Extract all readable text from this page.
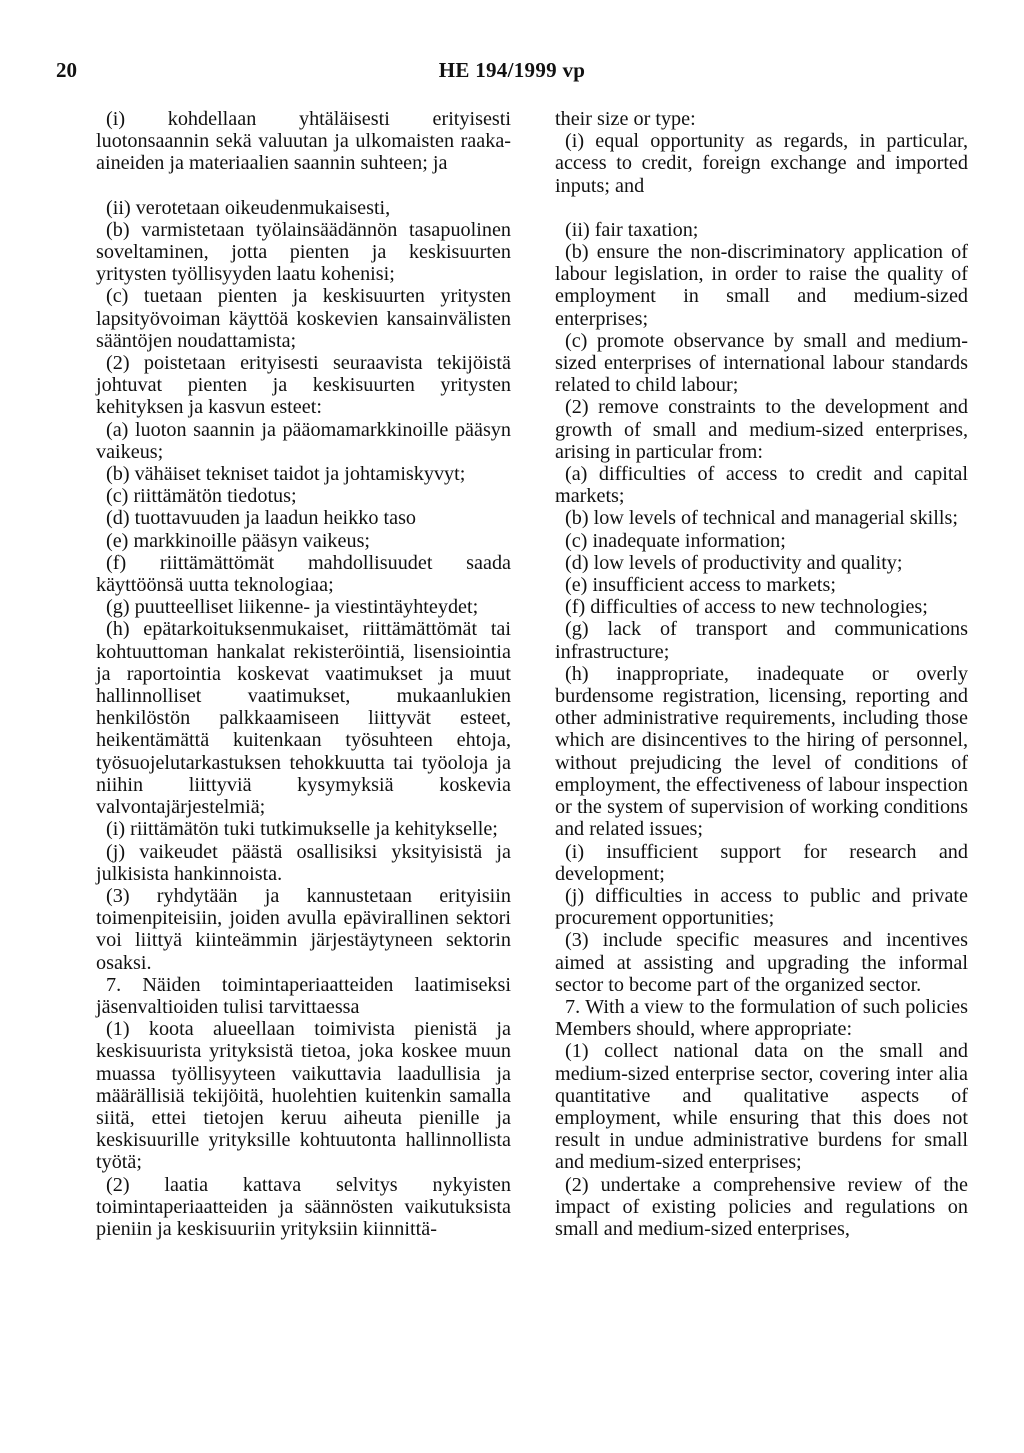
20	HE 194/1999 vp

(i) kohdellaan yhtäläisesti erityisesti luotonsaannin sekä valuutan ja ulkomaisten raaka-aineiden ja materiaalien saannin suhteen; ja

(ii) verotetaan oikeudenmukaisesti,

(b) varmistetaan työlainsäädännön tasapuolinen soveltaminen, jotta pienten ja keskisuurten yritysten työllisyyden laatu kohenisi;

(c) tuetaan pienten ja keskisuurten yritysten lapsityövoiman käyttöä koskevien kansainvälisten sääntöjen noudattamista;

(2) poistetaan erityisesti seuraavista tekijöistä johtuvat pienten ja keskisuurten yritysten kehityksen ja kasvun esteet:

(a) luoton saannin ja pääomamarkkinoille pääsyn vaikeus;

(b) vähäiset tekniset taidot ja johtamiskyvyt;

(c) riittämätön tiedotus;

(d) tuottavuuden ja laadun heikko taso

(e) markkinoille pääsyn vaikeus;

(f) riittämättömät mahdollisuudet saada käyttöönsä uutta teknologiaa;

(g) puutteelliset liikenne- ja viestintäyhteydet;

(h) epätarkoituksenmukaiset, riittämättömät tai kohtuuttoman hankalat rekisteröintiä, lisensiointia ja raportointia koskevat vaatimukset ja muut hallinnolliset vaatimukset, mukaanlukien henkilöstön palkkaamiseen liittyvät esteet, heikentämättä kuitenkaan työsuhteen ehtoja, työsuojelutarkastuksen tehokkuutta tai työoloja ja niihin liittyviä kysymyksiä koskevia valvontajärjestelmiä;

(i) riittämätön tuki tutkimukselle ja kehitykselle;

(j) vaikeudet päästä osallisiksi yksityisistä ja julkisista hankinnoista.

(3) ryhdytään ja kannustetaan erityisiin toimenpiteisiin, joiden avulla epävirallinen sektori voi liittyä kiinteämmin järjestäytyneen sektorin osaksi.

7. Näiden toimintaperiaatteiden laatimiseksi jäsenvaltioiden tulisi tarvittaessa

(1) koota alueellaan toimivista pienistä ja keskisuurista yrityksistä tietoa, joka koskee muun muassa työllisyyteen vaikuttavia laadullisia ja määrällisiä tekijöitä, huolehtien kuitenkin samalla siitä, ettei tietojen keruu aiheuta pienille ja keskisuurille yrityksille kohtuutonta hallinnollista työtä;

(2) laatia kattava selvitys nykyisten toimintaperiaatteiden ja säännösten vaikutuksista pieniin ja keskisuuriin yrityksiin kiinnittä-

their size or type:

(i) equal opportunity as regards, in particular, access to credit, foreign exchange and imported inputs; and

(ii) fair taxation;

(b) ensure the non-discriminatory application of labour legislation, in order to raise the quality of employment in small and medium-sized enterprises;

(c) promote observance by small and medium-sized enterprises of international labour standards related to child labour;

(2) remove constraints to the development and growth of small and medium-sized enterprises, arising in particular from:

(a) difficulties of access to credit and capital markets;

(b) low levels of technical and managerial skills;

(c) inadequate information;

(d) low levels of productivity and quality;

(e) insufficient access to markets;

(f) difficulties of access to new technologies;

(g) lack of transport and communications infrastructure;

(h) inappropriate, inadequate or overly burdensome registration, licensing, reporting and other administrative requirements, including those which are disincentives to the hiring of personnel, without prejudicing the level of conditions of employment, the effectiveness of labour inspection or the system of supervision of working conditions and related issues;

(i) insufficient support for research and development;

(j) difficulties in access to public and private procurement opportunities;

(3) include specific measures and incentives aimed at assisting and upgrading the informal sector to become part of the organized sector.

7. With a view to the formulation of such policies Members should, where appropriate:

(1) collect national data on the small and medium-sized enterprise sector, covering inter alia quantitative and qualitative aspects of employment, while ensuring that this does not result in undue administrative burdens for small and medium-sized enterprises;

(2) undertake a comprehensive review of the impact of existing policies and regulations on small and medium-sized enterprises,
